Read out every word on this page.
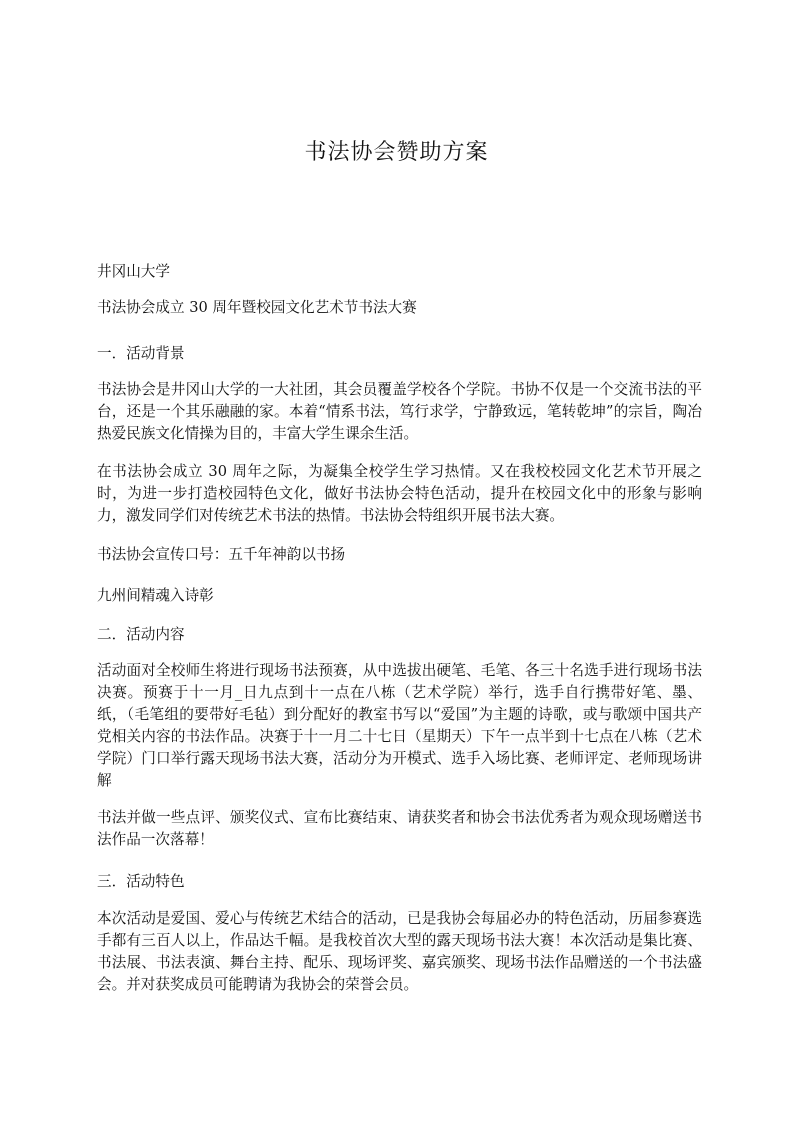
书法协会赞助方案

井冈山大学

书法协会成立 30 周年暨校园文化艺术节书法大赛

一．活动背景

书法协会是井冈山大学的一大社团，其会员覆盖学校各个学院。书协不仅是一个交流书法的平台，还是一个其乐融融的家。本着“情系书法，笃行求学，宁静致远，笔转乾坤”的宗旨，陶冶热爱民族文化情操为目的，丰富大学生课余生活。

在书法协会成立 30 周年之际，为凝集全校学生学习热情。又在我校校园文化艺术节开展之时，为进一步打造校园特色文化，做好书法协会特色活动，提升在校园文化中的形象与影响力，激发同学们对传统艺术书法的热情。书法协会特组织开展书法大赛。

书法协会宣传口号：五千年神韵以书扬

九州间精魂入诗彰

二．活动内容

活动面对全校师生将进行现场书法预赛，从中选拔出硬笔、毛笔、各三十名选手进行现场书法决赛。预赛于十一月_日九点到十一点在八栋（艺术学院）举行，选手自行携带好笔、墨、纸，（毛笔组的要带好毛毡）到分配好的教室书写以“爱国”为主题的诗歌，或与歌颂中国共产党相关内容的书法作品。决赛于十一月二十七日（星期天）下午一点半到十七点在八栋（艺术学院）门口举行露天现场书法大赛，活动分为开模式、选手入场比赛、老师评定、老师现场讲解

书法并做一些点评、颁奖仪式、宣布比赛结束、请获奖者和协会书法优秀者为观众现场赠送书法作品一次落幕！

三．活动特色

本次活动是爱国、爱心与传统艺术结合的活动，已是我协会每届必办的特色活动，历届参赛选手都有三百人以上，作品达千幅。是我校首次大型的露天现场书法大赛！本次活动是集比赛、书法展、书法表演、舞台主持、配乐、现场评奖、嘉宾颁奖、现场书法作品赠送的一个书法盛会。并对获奖成员可能聘请为我协会的荣誉会员。
